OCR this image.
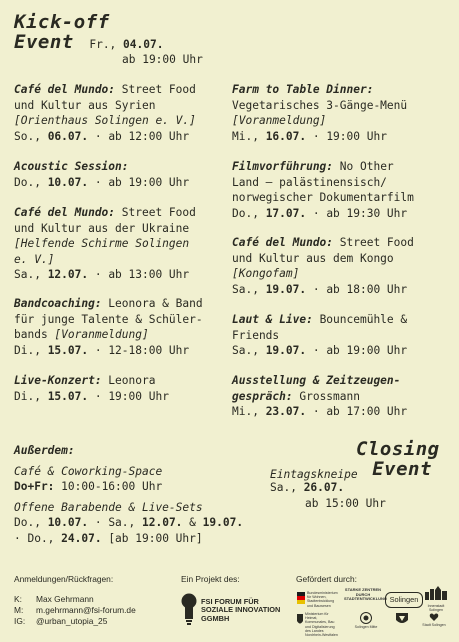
Kick-off
Event Fr., 04.07.
ab 19:00 Uhr
Café del Mundo: Street Food
und Kultur aus Syrien
[Orienthaus Solingen e. V.]
So., 06.07. · ab 12:00 Uhr
Acoustic Session:
Do., 10.07. · ab 19:00 Uhr
Café del Mundo: Street Food
und Kultur aus der Ukraine
[Helfende Schirme Solingen
e. V.]
Sa., 12.07. · ab 13:00 Uhr
Bandcoaching: Leonora & Band
für junge Talente & Schüler-
bands [Voranmeldung]
Di., 15.07. · 12-18:00 Uhr
Live-Konzert: Leonora
Di., 15.07. · 19:00 Uhr
Farm to Table Dinner:
Vegetarisches 3-Gänge-Menü
[Voranmeldung]
Mi., 16.07. · 19:00 Uhr
Filmvorführung: No Other
Land – palästinensisch/
norwegischer Dokumentarfilm
Do., 17.07. · ab 19:30 Uhr
Café del Mundo: Street Food
und Kultur aus dem Kongo
[Kongofam]
Sa., 19.07. · ab 18:00 Uhr
Laut & Live: Bouncemühle &
Friends
Sa., 19.07. · ab 19:00 Uhr
Ausstellung & Zeitzeugen-
gespräch: Grossmann
Mi., 23.07. · ab 17:00 Uhr
Außerdem:
Café & Coworking-Space
Do+Fr: 10:00-16:00 Uhr
Offene Barabende & Live-Sets
Do., 10.07. · Sa., 12.07. & 19.07.
· Do., 24.07. [ab 19:00 Uhr]
Closing
Eintagskneipe Event
Sa., 26.07.
ab 15:00 Uhr
Anmeldungen/Rückfragen:
K: Max Gehrmann
M: m.gehrmann@fsi-forum.de
IG: @urban_utopia_25
Ein Projekt des:
FSI FORUM FÜR
SOZIALE INNOVATION
GGMBH
Gefördert durch:
Bundesministerium für Wohnen, Stadtentwicklung und Bauwesen
STARKE ZENTREN DURCH STADTENTWICKLUNG Solingen
Innenstadt Solingen
Ministerium für Heimat, Kommunales, Bau und Digitalisierung des Landes Nordrhein-Westfalen
Solingen Mitte	Stadt Solingen
